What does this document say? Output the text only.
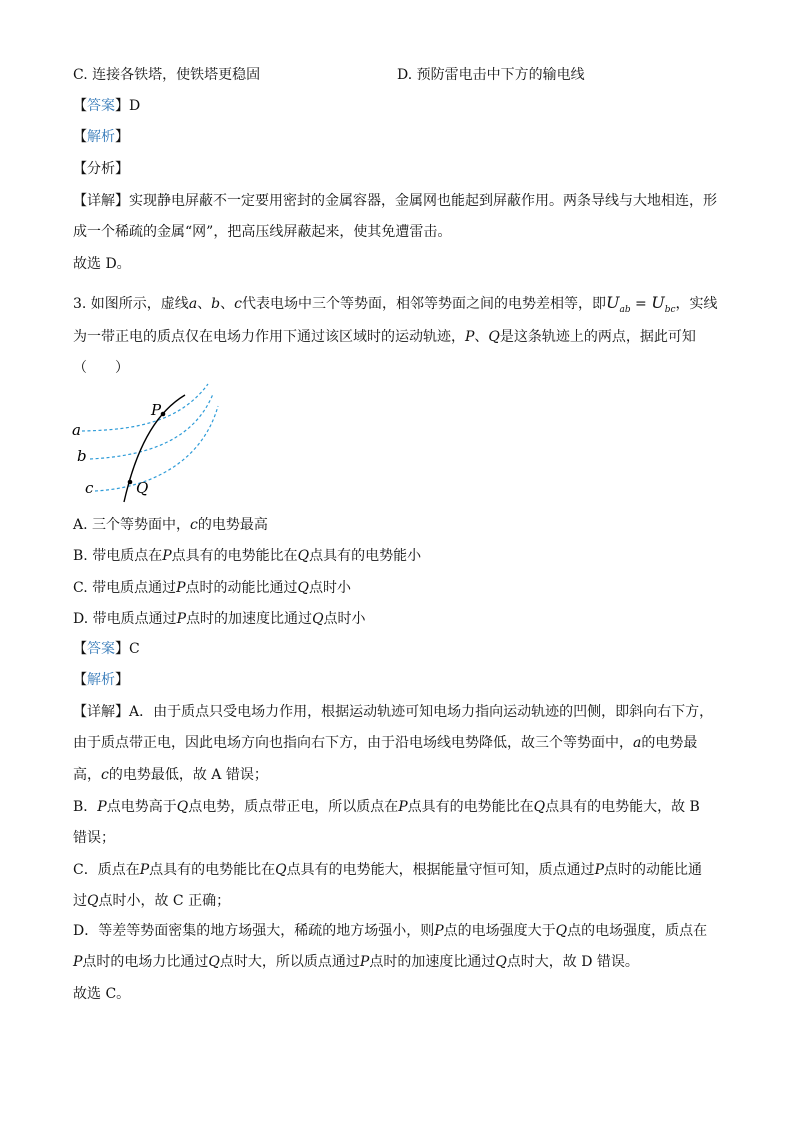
C. 连接各铁塔，使铁塔更稳固	D. 预防雷电击中下方的输电线
【答案】D
【解析】
【分析】
【详解】实现静电屏蔽不一定要用密封的金属容器，金属网也能起到屏蔽作用。两条导线与大地相连，形
成一个稀疏的金属“网”，把高压线屏蔽起来，使其免遭雷击。
故选 D。
3. 如图所示，虚线a、b、c代表电场中三个等势面，相邻等势面之间的电势差相等，即$U_{ab} = U_{bc}$，实线
为一带正电的质点仅在电场力作用下通过该区域时的运动轨迹，P、Q是这条轨迹上的两点，据此可知
（　　）
a
b
c
P
Q
A. 三个等势面中，c的电势最高
B. 带电质点在P点具有的电势能比在Q点具有的电势能小
C. 带电质点通过P点时的动能比通过Q点时小
D. 带电质点通过P点时的加速度比通过Q点时小
【答案】C
【解析】
【详解】A．由于质点只受电场力作用，根据运动轨迹可知电场力指向运动轨迹的凹侧，即斜向右下方，
由于质点带正电，因此电场方向也指向右下方，由于沿电场线电势降低，故三个等势面中，a的电势最
高，c的电势最低，故 A 错误；
B．P点电势高于Q点电势，质点带正电，所以质点在P点具有的电势能比在Q点具有的电势能大，故 B
错误；
C．质点在P点具有的电势能比在Q点具有的电势能大，根据能量守恒可知，质点通过P点时的动能比通
过Q点时小，故 C 正确；
D．等差等势面密集的地方场强大，稀疏的地方场强小，则P点的电场强度大于Q点的电场强度，质点在
P点时的电场力比通过Q点时大，所以质点通过P点时的加速度比通过Q点时大，故 D 错误。
故选 C。
